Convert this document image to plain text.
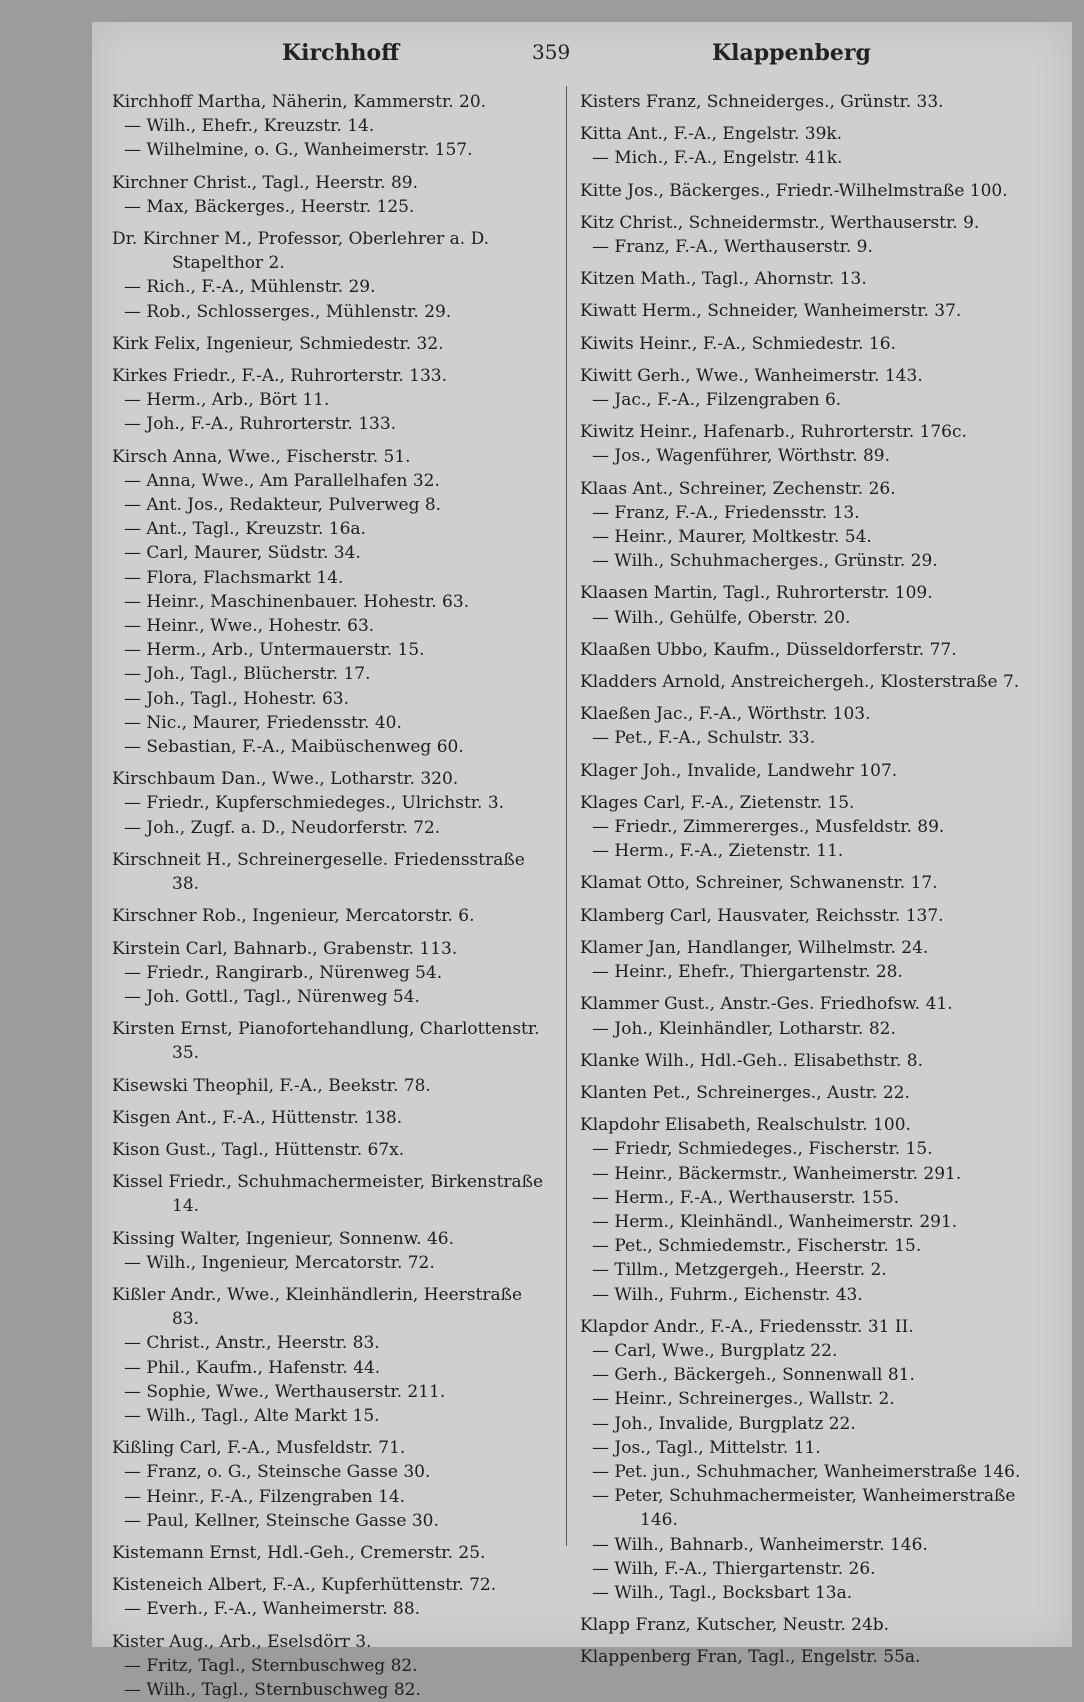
Kirchhoff	359	Klappenberg

Kirchhoff Martha, Näherin, Kammerstr. 20.

— Wilh., Ehefr., Kreuzstr. 14.

— Wilhelmine, o. G., Wanheimerstr. 157.

Kirchner Christ., Tagl., Heerstr. 89.

— Max, Bäckerges., Heerstr. 125.

Dr. Kirchner M., Professor, Oberlehrer a. D. Stapelthor 2.

— Rich., F.-A., Mühlenstr. 29.

— Rob., Schlosserges., Mühlenstr. 29.

Kirk Felix, Ingenieur, Schmiedestr. 32.

Kirkes Friedr., F.-A., Ruhrorterstr. 133.

— Herm., Arb., Bört 11.

— Joh., F.-A., Ruhrorterstr. 133.

Kirsch Anna, Wwe., Fischerstr. 51.

— Anna, Wwe., Am Parallelhafen 32.

— Ant. Jos., Redakteur, Pulverweg 8.

— Ant., Tagl., Kreuzstr. 16a.

— Carl, Maurer, Südstr. 34.

— Flora, Flachsmarkt 14.

— Heinr., Maschinenbauer. Hohestr. 63.

— Heinr., Wwe., Hohestr. 63.

— Herm., Arb., Untermauerstr. 15.

— Joh., Tagl., Blücherstr. 17.

— Joh., Tagl., Hohestr. 63.

— Nic., Maurer, Friedensstr. 40.

— Sebastian, F.-A., Maibüschenweg 60.

Kirschbaum Dan., Wwe., Lotharstr. 320.

— Friedr., Kupferschmiedeges., Ulrichstr. 3.

— Joh., Zugf. a. D., Neudorferstr. 72.

Kirschneit H., Schreinergeselle. Friedensstraße 38.

Kirschner Rob., Ingenieur, Mercatorstr. 6.

Kirstein Carl, Bahnarb., Grabenstr. 113.

— Friedr., Rangirarb., Nürenweg 54.

— Joh. Gottl., Tagl., Nürenweg 54.

Kirsten Ernst, Pianofortehandlung, Charlottenstr. 35.

Kisewski Theophil, F.-A., Beekstr. 78.

Kisgen Ant., F.-A., Hüttenstr. 138.

Kison Gust., Tagl., Hüttenstr. 67x.

Kissel Friedr., Schuhmachermeister, Birkenstraße 14.

Kissing Walter, Ingenieur, Sonnenw. 46.

— Wilh., Ingenieur, Mercatorstr. 72.

Kißler Andr., Wwe., Kleinhändlerin, Heerstraße 83.

— Christ., Anstr., Heerstr. 83.

— Phil., Kaufm., Hafenstr. 44.

— Sophie, Wwe., Werthauserstr. 211.

— Wilh., Tagl., Alte Markt 15.

Kißling Carl, F.-A., Musfeldstr. 71.

— Franz, o. G., Steinsche Gasse 30.

— Heinr., F.-A., Filzengraben 14.

— Paul, Kellner, Steinsche Gasse 30.

Kistemann Ernst, Hdl.-Geh., Cremerstr. 25.

Kisteneich Albert, F.-A., Kupferhüttenstr. 72.

— Everh., F.-A., Wanheimerstr. 88.

Kister Aug., Arb., Eselsdörr 3.

— Fritz, Tagl., Sternbuschweg 82.

— Wilh., Tagl., Sternbuschweg 82.

Kisters Franz, Schneiderges., Grünstr. 33.

Kitta Ant., F.-A., Engelstr. 39k.

— Mich., F.-A., Engelstr. 41k.

Kitte Jos., Bäckerges., Friedr.-Wilhelmstraße 100.

Kitz Christ., Schneidermstr., Werthauserstr. 9.

— Franz, F.-A., Werthauserstr. 9.

Kitzen Math., Tagl., Ahornstr. 13.

Kiwatt Herm., Schneider, Wanheimerstr. 37.

Kiwits Heinr., F.-A., Schmiedestr. 16.

Kiwitt Gerh., Wwe., Wanheimerstr. 143.

— Jac., F.-A., Filzengraben 6.

Kiwitz Heinr., Hafenarb., Ruhrorterstr. 176c.

— Jos., Wagenführer, Wörthstr. 89.

Klaas Ant., Schreiner, Zechenstr. 26.

— Franz, F.-A., Friedensstr. 13.

— Heinr., Maurer, Moltkestr. 54.

— Wilh., Schuhmacherges., Grünstr. 29.

Klaasen Martin, Tagl., Ruhrorterstr. 109.

— Wilh., Gehülfe, Oberstr. 20.

Klaaßen Ubbo, Kaufm., Düsseldorferstr. 77.

Kladders Arnold, Anstreichergeh., Klosterstraße 7.

Klaeßen Jac., F.-A., Wörthstr. 103.

— Pet., F.-A., Schulstr. 33.

Klager Joh., Invalide, Landwehr 107.

Klages Carl, F.-A., Zietenstr. 15.

— Friedr., Zimmererges., Musfeldstr. 89.

— Herm., F.-A., Zietenstr. 11.

Klamat Otto, Schreiner, Schwanenstr. 17.

Klamberg Carl, Hausvater, Reichsstr. 137.

Klamer Jan, Handlanger, Wilhelmstr. 24.

— Heinr., Ehefr., Thiergartenstr. 28.

Klammer Gust., Anstr.-Ges. Friedhofsw. 41.

— Joh., Kleinhändler, Lotharstr. 82.

Klanke Wilh., Hdl.-Geh.. Elisabethstr. 8.

Klanten Pet., Schreinerges., Austr. 22.

Klapdohr Elisabeth, Realschulstr. 100.

— Friedr, Schmiedeges., Fischerstr. 15.

— Heinr., Bäckermstr., Wanheimerstr. 291.

— Herm., F.-A., Werthauserstr. 155.

— Herm., Kleinhändl., Wanheimerstr. 291.

— Pet., Schmiedemstr., Fischerstr. 15.

— Tillm., Metzgergeh., Heerstr. 2.

— Wilh., Fuhrm., Eichenstr. 43.

Klapdor Andr., F.-A., Friedensstr. 31 II.

— Carl, Wwe., Burgplatz 22.

— Gerh., Bäckergeh., Sonnenwall 81.

— Heinr., Schreinerges., Wallstr. 2.

— Joh., Invalide, Burgplatz 22.

— Jos., Tagl., Mittelstr. 11.

— Pet. jun., Schuhmacher, Wanheimerstraße 146.

— Peter, Schuhmachermeister, Wanheimerstraße 146.

— Wilh., Bahnarb., Wanheimerstr. 146.

— Wilh, F.-A., Thiergartenstr. 26.

— Wilh., Tagl., Bocksbart 13a.

Klapp Franz, Kutscher, Neustr. 24b.

Klappenberg Fran, Tagl., Engelstr. 55a.
